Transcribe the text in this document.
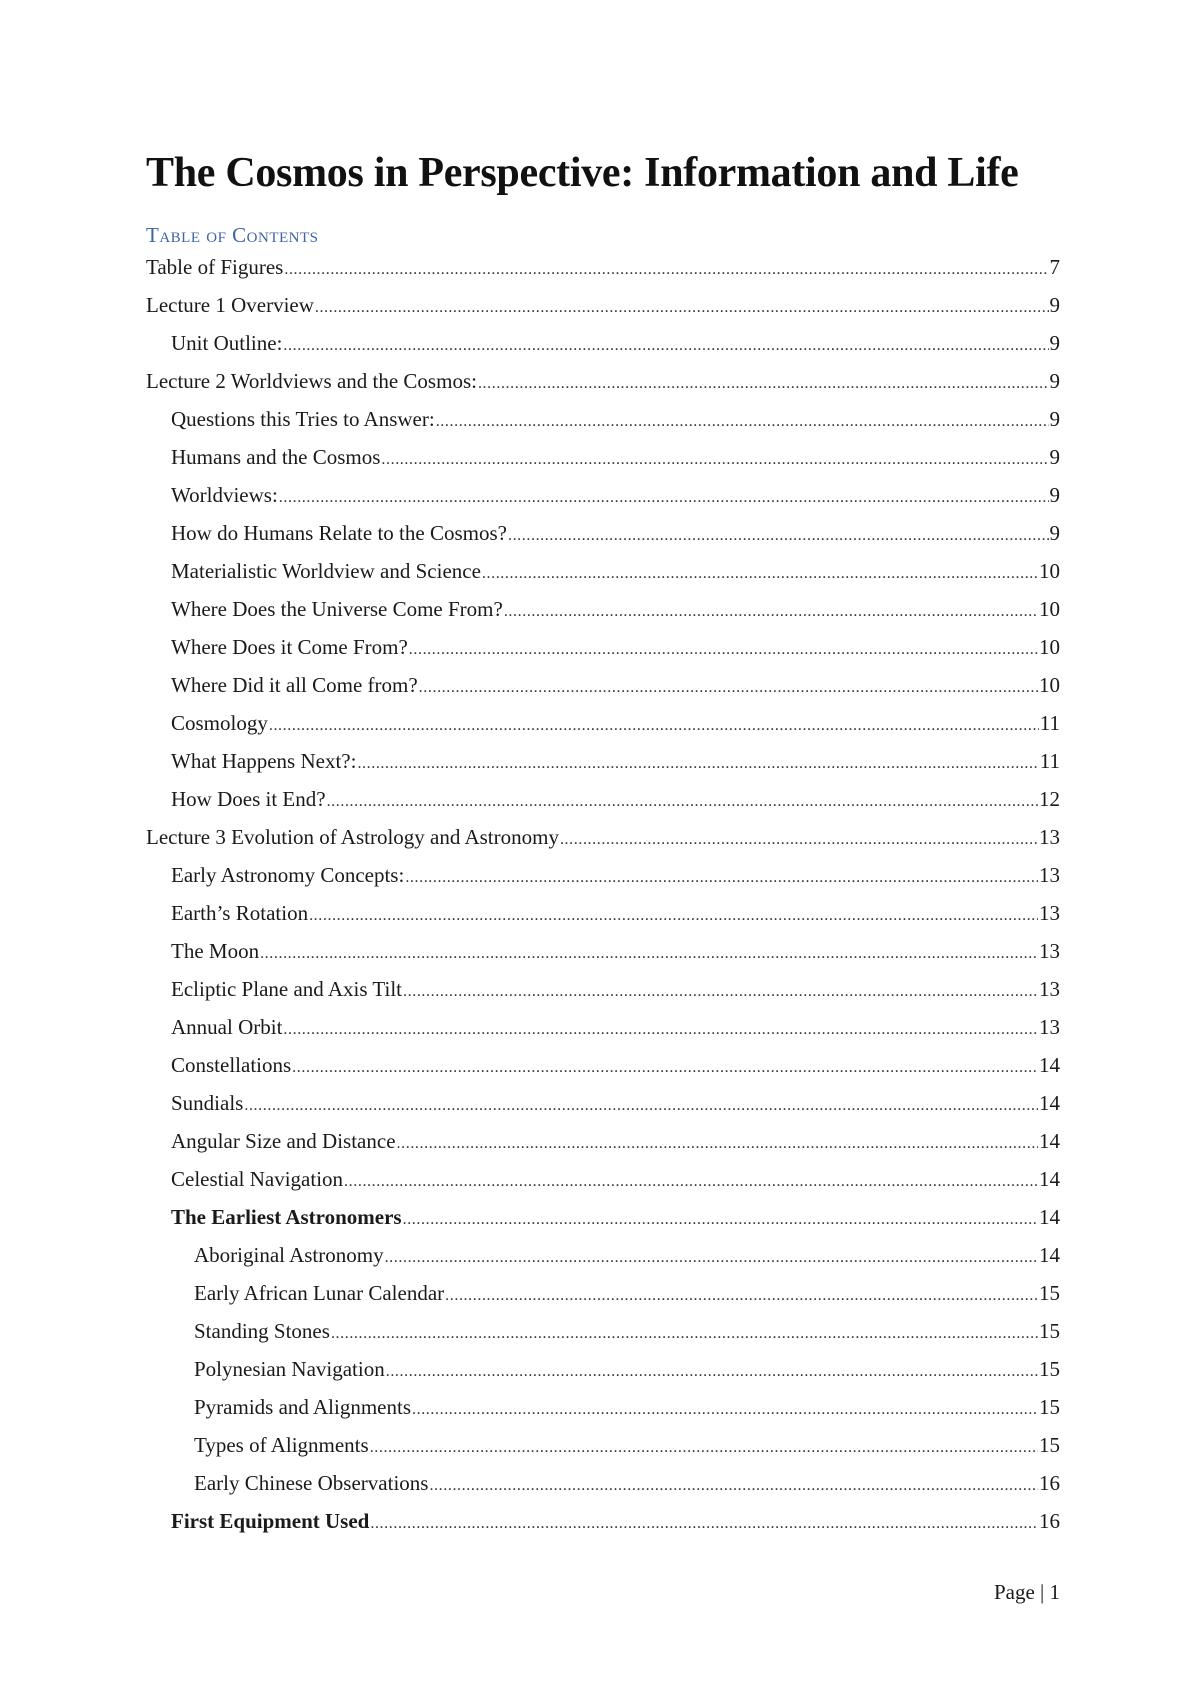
The Cosmos in Perspective: Information and Life
Table of Contents
Table of Figures .....	7
Lecture 1 Overview .....	9
Unit Outline: .....	9
Lecture 2 Worldviews and the Cosmos: .....	9
Questions this Tries to Answer: .....	9
Humans and the Cosmos .....	9
Worldviews: .....	9
How do Humans Relate to the Cosmos? .....	9
Materialistic Worldview and Science .....	10
Where Does the Universe Come From? .....	10
Where Does it Come From? .....	10
Where Did it all Come from? .....	10
Cosmology .....	11
What Happens Next?: .....	11
How Does it End? .....	12
Lecture 3 Evolution of Astrology and Astronomy .....	13
Early Astronomy Concepts: .....	13
Earth’s Rotation .....	13
The Moon .....	13
Ecliptic Plane and Axis Tilt .....	13
Annual Orbit .....	13
Constellations .....	14
Sundials .....	14
Angular Size and Distance .....	14
Celestial Navigation .....	14
The Earliest Astronomers .....	14
Aboriginal Astronomy .....	14
Early African Lunar Calendar .....	15
Standing Stones .....	15
Polynesian Navigation .....	15
Pyramids and Alignments .....	15
Types of Alignments .....	15
Early Chinese Observations .....	16
First Equipment Used .....	16
Page | 1
